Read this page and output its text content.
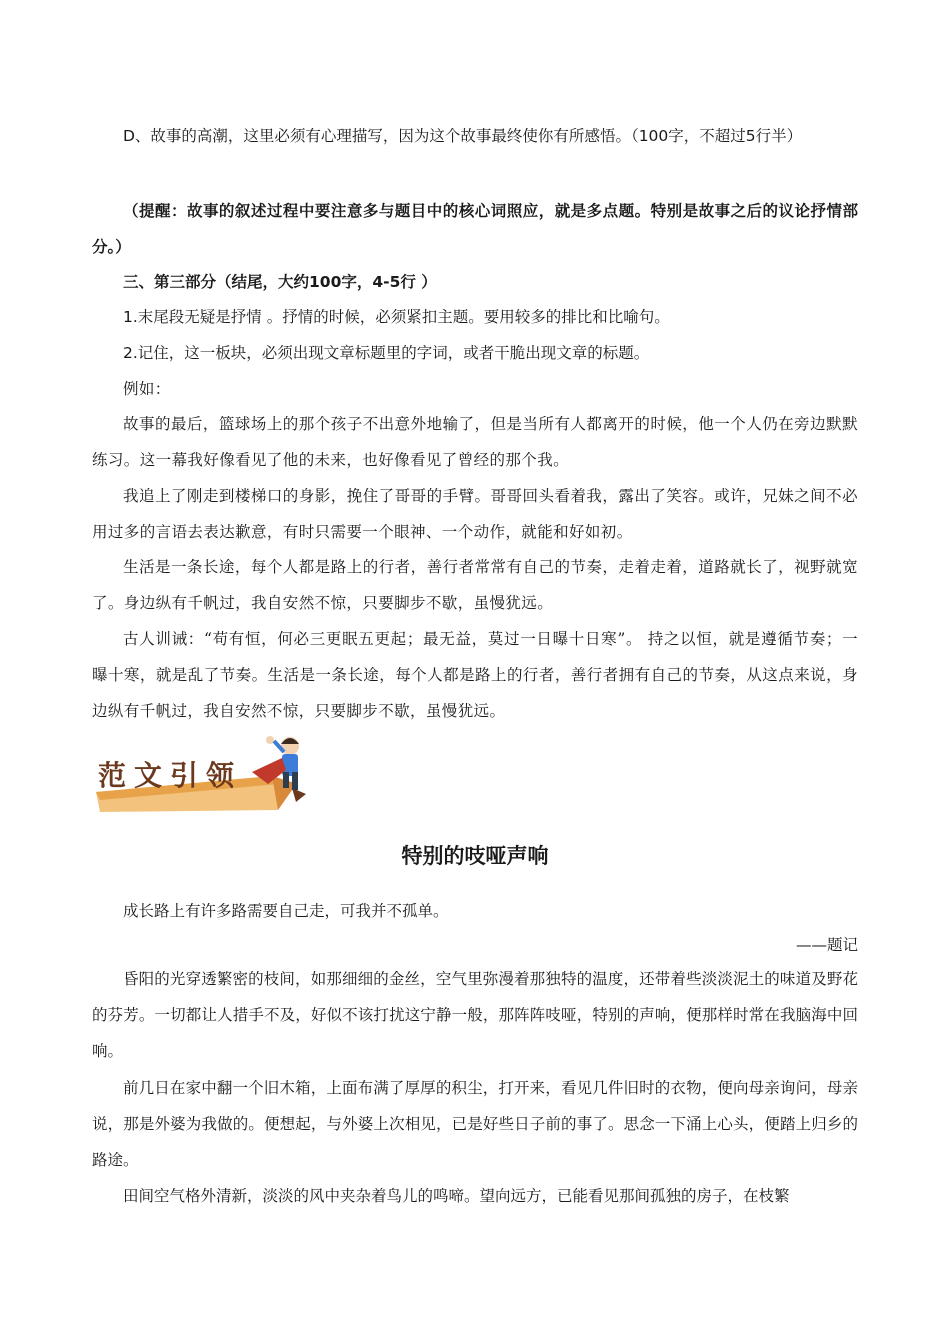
D、故事的高潮，这里必须有心理描写，因为这个故事最终使你有所感悟。（100字，不超过5行半）

（提醒：故事的叙述过程中要注意多与题目中的核心词照应，就是多点题。特别是故事之后的议论抒情部分。）

三、第三部分（结尾，大约100字，4-5行 ）

1.末尾段无疑是抒情 。抒情的时候，必须紧扣主题。要用较多的排比和比喻句。

2.记住，这一板块，必须出现文章标题里的字词，或者干脆出现文章的标题。

例如：

故事的最后，篮球场上的那个孩子不出意外地输了，但是当所有人都离开的时候，他一个人仍在旁边默默练习。这一幕我好像看见了他的未来，也好像看见了曾经的那个我。

我追上了刚走到楼梯口的身影，挽住了哥哥的手臂。哥哥回头看着我，露出了笑容。或许，兄妹之间不必用过多的言语去表达歉意，有时只需要一个眼神、一个动作，就能和好如初。

生活是一条长途，每个人都是路上的行者，善行者常常有自己的节奏，走着走着，道路就长了，视野就宽了。身边纵有千帆过，我自安然不惊，只要脚步不歇，虽慢犹远。

古人训诫：“苟有恒，何必三更眠五更起；最无益，莫过一日曝十日寒”。 持之以恒，就是遵循节奏；一曝十寒，就是乱了节奏。生活是一条长途，每个人都是路上的行者，善行者拥有自己的节奏，从这点来说，身边纵有千帆过，我自安然不惊，只要脚步不歇，虽慢犹远。

范文引领
特别的吱哑声响

成长路上有许多路需要自己走，可我并不孤单。

——题记

昏阳的光穿透繁密的枝间，如那细细的金丝，空气里弥漫着那独特的温度，还带着些淡淡泥土的味道及野花的芬芳。一切都让人措手不及，好似不该打扰这宁静一般，那阵阵吱哑，特别的声响，便那样时常在我脑海中回响。

前几日在家中翻一个旧木箱，上面布满了厚厚的积尘，打开来，看见几件旧时的衣物，便向母亲询问，母亲说，那是外婆为我做的。便想起，与外婆上次相见，已是好些日子前的事了。思念一下涌上心头，便踏上归乡的路途。

田间空气格外清新，淡淡的风中夹杂着鸟儿的鸣啼。望向远方，已能看见那间孤独的房子，在枝繁
